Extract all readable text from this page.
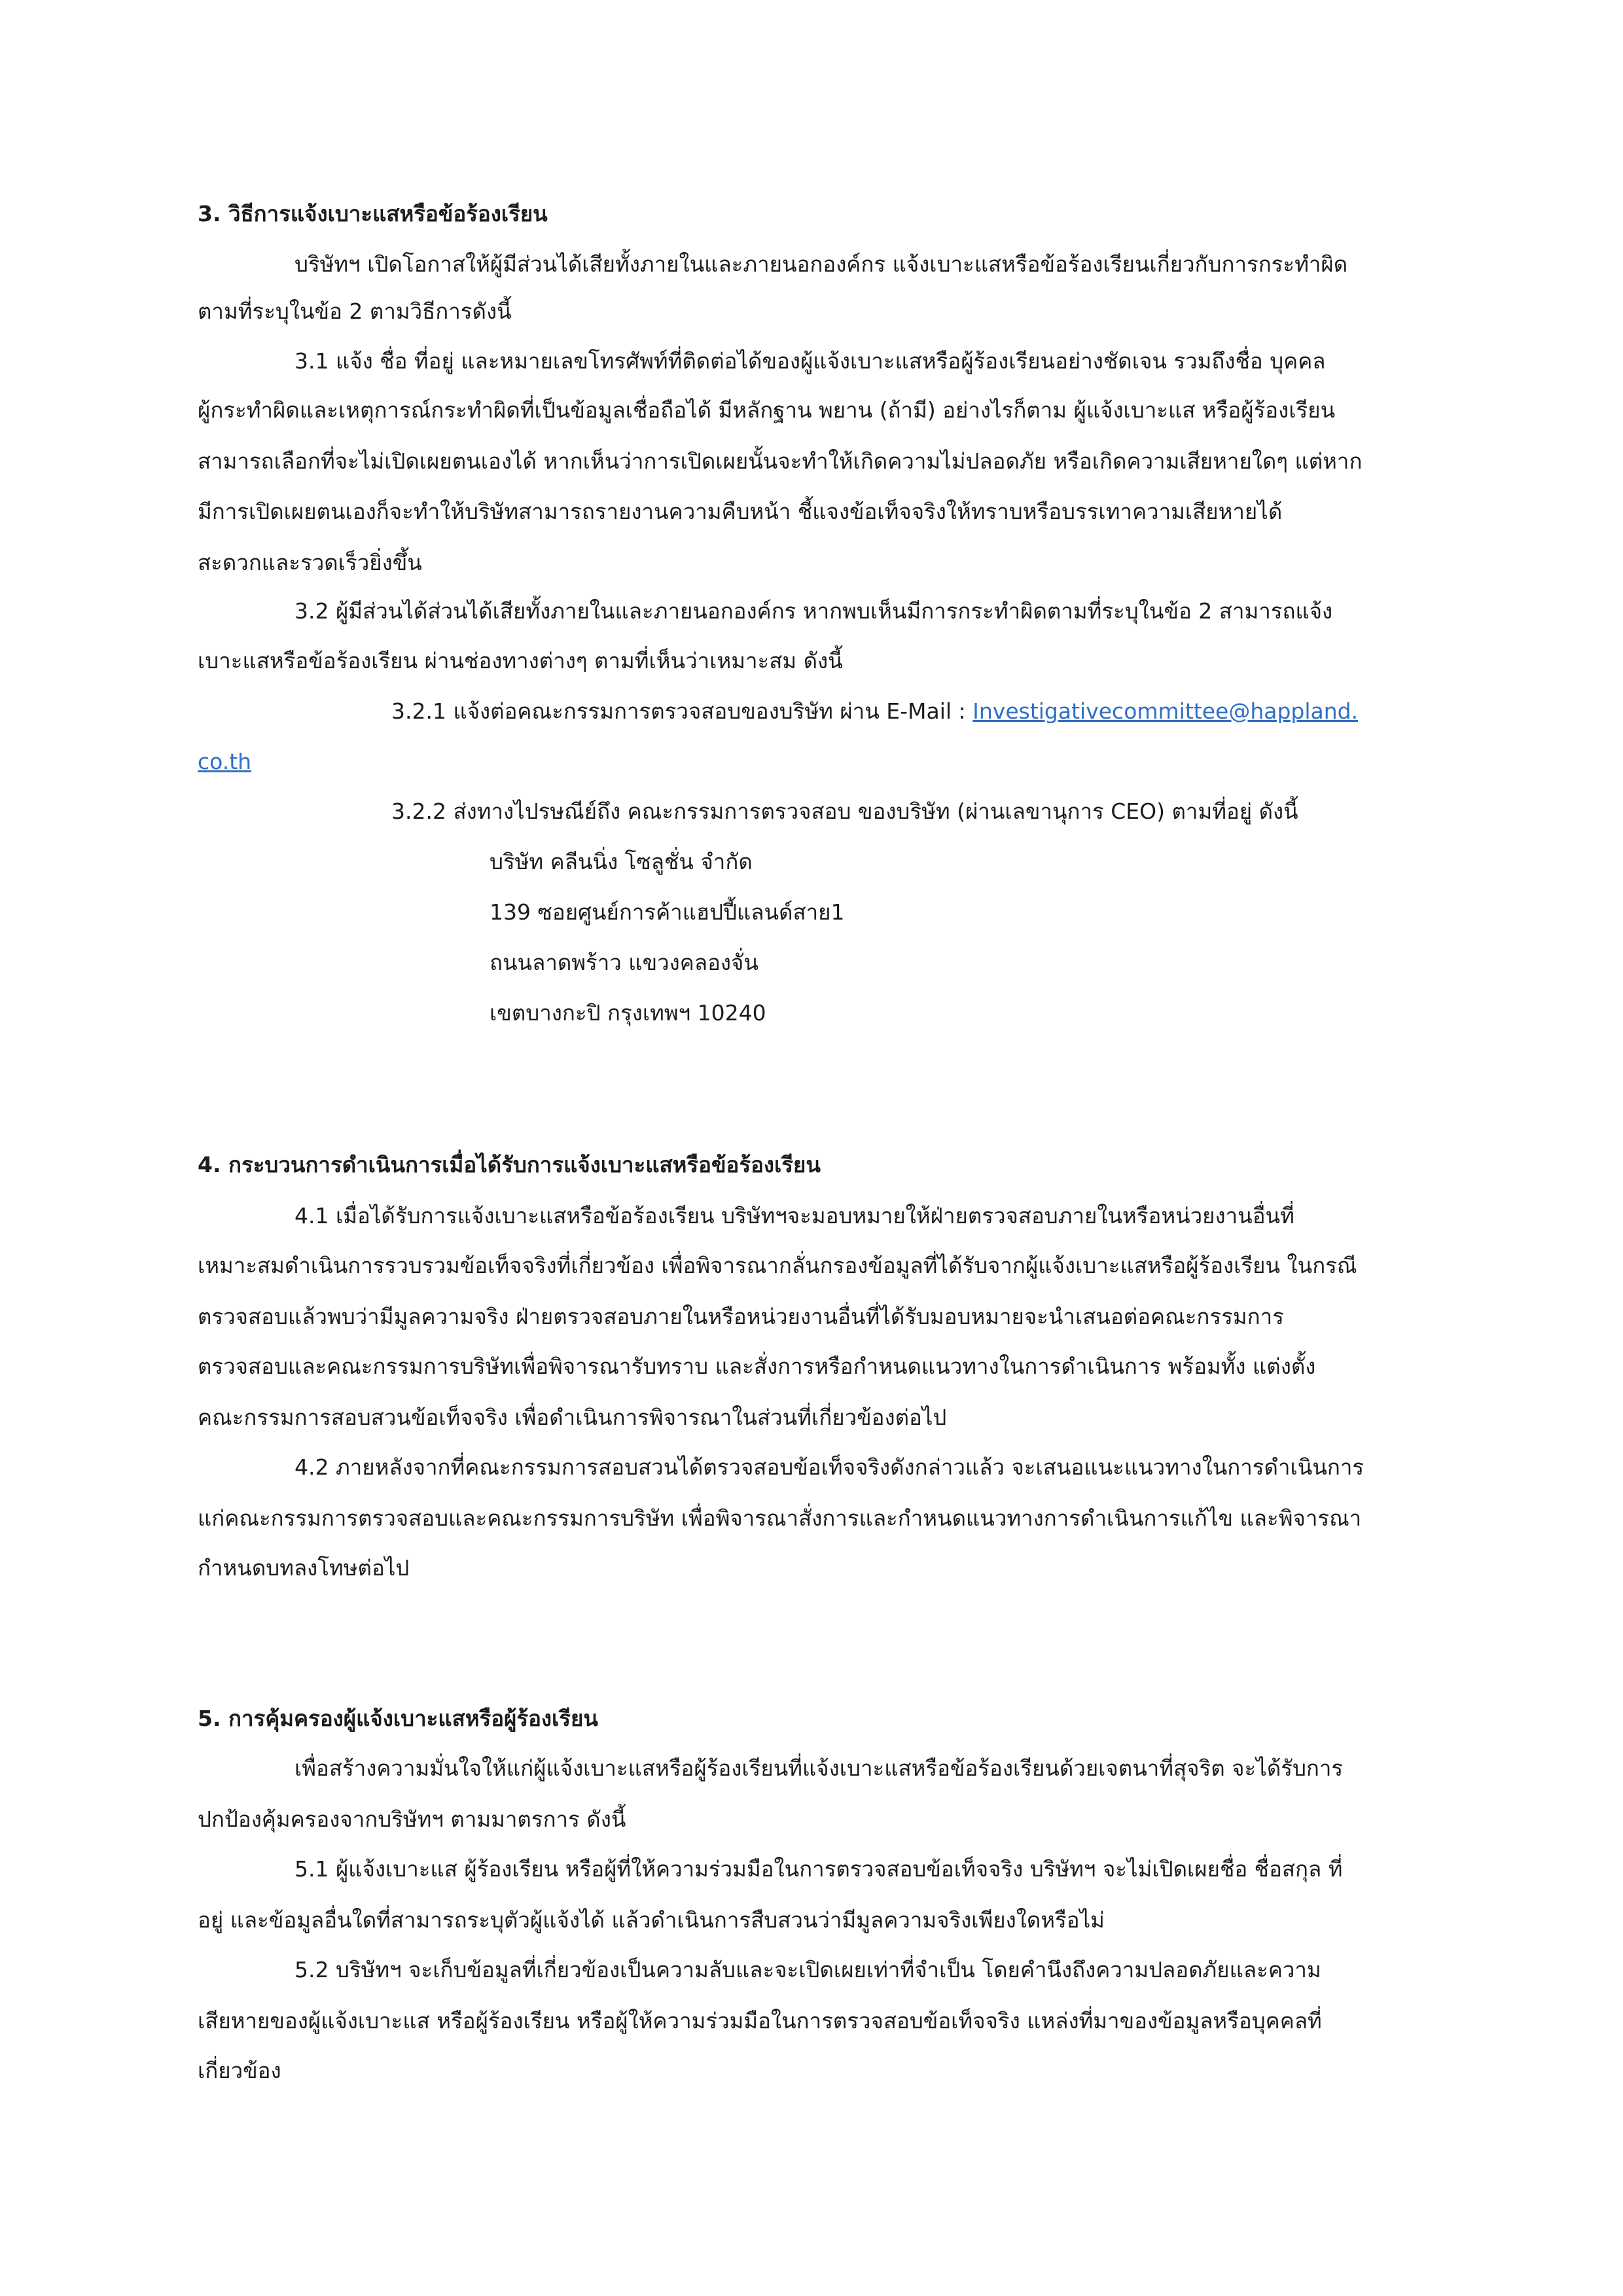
3. วิธีการแจ้งเบาะแสหรือข้อร้องเรียน

บริษัทฯ เปิดโอกาสให้ผู้มีส่วนได้เสียทั้งภายในและภายนอกองค์กร แจ้งเบาะแสหรือข้อร้องเรียนเกี่ยวกับการกระทำผิด

ตามที่ระบุในข้อ 2 ตามวิธีการดังนี้

3.1 แจ้ง ชื่อ ที่อยู่ และหมายเลขโทรศัพท์ที่ติดต่อได้ของผู้แจ้งเบาะแสหรือผู้ร้องเรียนอย่างชัดเจน รวมถึงชื่อ บุคคล

ผู้กระทำผิดและเหตุการณ์กระทำผิดที่เป็นข้อมูลเชื่อถือได้ มีหลักฐาน พยาน (ถ้ามี) อย่างไรก็ตาม ผู้แจ้งเบาะแส หรือผู้ร้องเรียน

สามารถเลือกที่จะไม่เปิดเผยตนเองได้ หากเห็นว่าการเปิดเผยนั้นจะทำให้เกิดความไม่ปลอดภัย หรือเกิดความเสียหายใดๆ แต่หาก

มีการเปิดเผยตนเองก็จะทำให้บริษัทสามารถรายงานความคืบหน้า ชี้แจงข้อเท็จจริงให้ทราบหรือบรรเทาความเสียหายได้

สะดวกและรวดเร็วยิ่งขึ้น

3.2 ผู้มีส่วนได้ส่วนได้เสียทั้งภายในและภายนอกองค์กร หากพบเห็นมีการกระทำผิดตามที่ระบุในข้อ 2 สามารถแจ้ง

เบาะแสหรือข้อร้องเรียน ผ่านช่องทางต่างๆ ตามที่เห็นว่าเหมาะสม ดังนี้

3.2.1 แจ้งต่อคณะกรรมการตรวจสอบของบริษัท ผ่าน E-Mail : Investigativecommittee@happland.

co.th

3.2.2 ส่งทางไปรษณีย์ถึง คณะกรรมการตรวจสอบ ของบริษัท (ผ่านเลขานุการ CEO) ตามที่อยู่ ดังนี้

บริษัท คลีนนิ่ง โซลูชั่น จำกัด

139 ซอยศูนย์การค้าแฮปปี้แลนด์สาย1

ถนนลาดพร้าว แขวงคลองจั่น

เขตบางกะปิ กรุงเทพฯ 10240

4. กระบวนการดำเนินการเมื่อได้รับการแจ้งเบาะแสหรือข้อร้องเรียน

4.1 เมื่อได้รับการแจ้งเบาะแสหรือข้อร้องเรียน บริษัทฯจะมอบหมายให้ฝ่ายตรวจสอบภายในหรือหน่วยงานอื่นที่

เหมาะสมดำเนินการรวบรวมข้อเท็จจริงที่เกี่ยวข้อง เพื่อพิจารณากลั่นกรองข้อมูลที่ได้รับจากผู้แจ้งเบาะแสหรือผู้ร้องเรียน ในกรณี

ตรวจสอบแล้วพบว่ามีมูลความจริง ฝ่ายตรวจสอบภายในหรือหน่วยงานอื่นที่ได้รับมอบหมายจะนำเสนอต่อคณะกรรมการ

ตรวจสอบและคณะกรรมการบริษัทเพื่อพิจารณารับทราบ และสั่งการหรือกำหนดแนวทางในการดำเนินการ พร้อมทั้ง แต่งตั้ง

คณะกรรมการสอบสวนข้อเท็จจริง เพื่อดำเนินการพิจารณาในส่วนที่เกี่ยวข้องต่อไป

4.2 ภายหลังจากที่คณะกรรมการสอบสวนได้ตรวจสอบข้อเท็จจริงดังกล่าวแล้ว จะเสนอแนะแนวทางในการดำเนินการ

แก่คณะกรรมการตรวจสอบและคณะกรรมการบริษัท เพื่อพิจารณาสั่งการและกำหนดแนวทางการดำเนินการแก้ไข และพิจารณา

กำหนดบทลงโทษต่อไป

5. การคุ้มครองผู้แจ้งเบาะแสหรือผู้ร้องเรียน

เพื่อสร้างความมั่นใจให้แก่ผู้แจ้งเบาะแสหรือผู้ร้องเรียนที่แจ้งเบาะแสหรือข้อร้องเรียนด้วยเจตนาที่สุจริต จะได้รับการ

ปกป้องคุ้มครองจากบริษัทฯ ตามมาตรการ ดังนี้

5.1 ผู้แจ้งเบาะแส ผู้ร้องเรียน หรือผู้ที่ให้ความร่วมมือในการตรวจสอบข้อเท็จจริง บริษัทฯ จะไม่เปิดเผยชื่อ ชื่อสกุล ที่

อยู่ และข้อมูลอื่นใดที่สามารถระบุตัวผู้แจ้งได้ แล้วดำเนินการสืบสวนว่ามีมูลความจริงเพียงใดหรือไม่

5.2 บริษัทฯ จะเก็บข้อมูลที่เกี่ยวข้องเป็นความลับและจะเปิดเผยเท่าที่จำเป็น โดยคำนึงถึงความปลอดภัยและความ

เสียหายของผู้แจ้งเบาะแส หรือผู้ร้องเรียน หรือผู้ให้ความร่วมมือในการตรวจสอบข้อเท็จจริง แหล่งที่มาของข้อมูลหรือบุคคลที่

เกี่ยวข้อง
